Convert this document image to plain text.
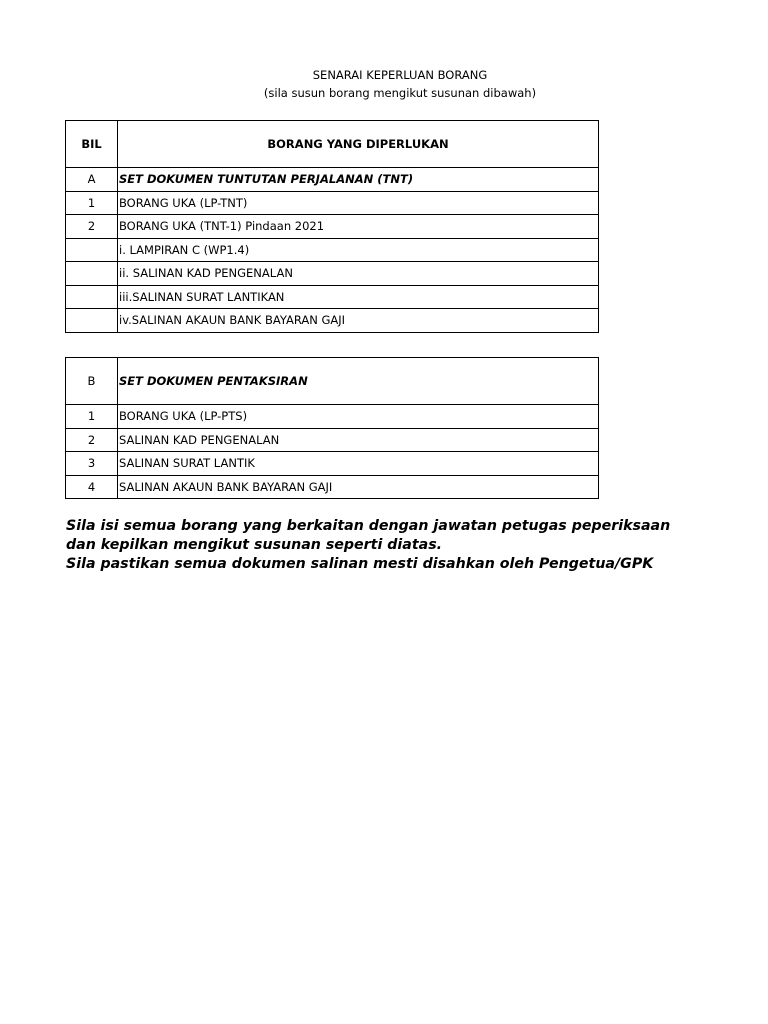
SENARAI KEPERLUAN BORANG
(sila susun borang mengikut susunan dibawah)
BIL	BORANG YANG DIPERLUKAN
A	SET DOKUMEN TUNTUTAN PERJALANAN (TNT)
1	BORANG UKA (LP-TNT)
2	BORANG UKA (TNT-1) Pindaan 2021
	i. LAMPIRAN C (WP1.4)
	ii. SALINAN KAD PENGENALAN
	iii.SALINAN SURAT LANTIKAN
	iv.SALINAN AKAUN BANK BAYARAN GAJI
B	SET DOKUMEN PENTAKSIRAN
1	BORANG UKA (LP-PTS)
2	SALINAN KAD PENGENALAN
3	SALINAN SURAT LANTIK
4	SALINAN AKAUN BANK BAYARAN GAJI
Sila isi semua borang yang berkaitan dengan jawatan petugas peperiksaan
dan kepilkan mengikut susunan seperti diatas.
Sila pastikan semua dokumen salinan mesti disahkan oleh Pengetua/GPK
